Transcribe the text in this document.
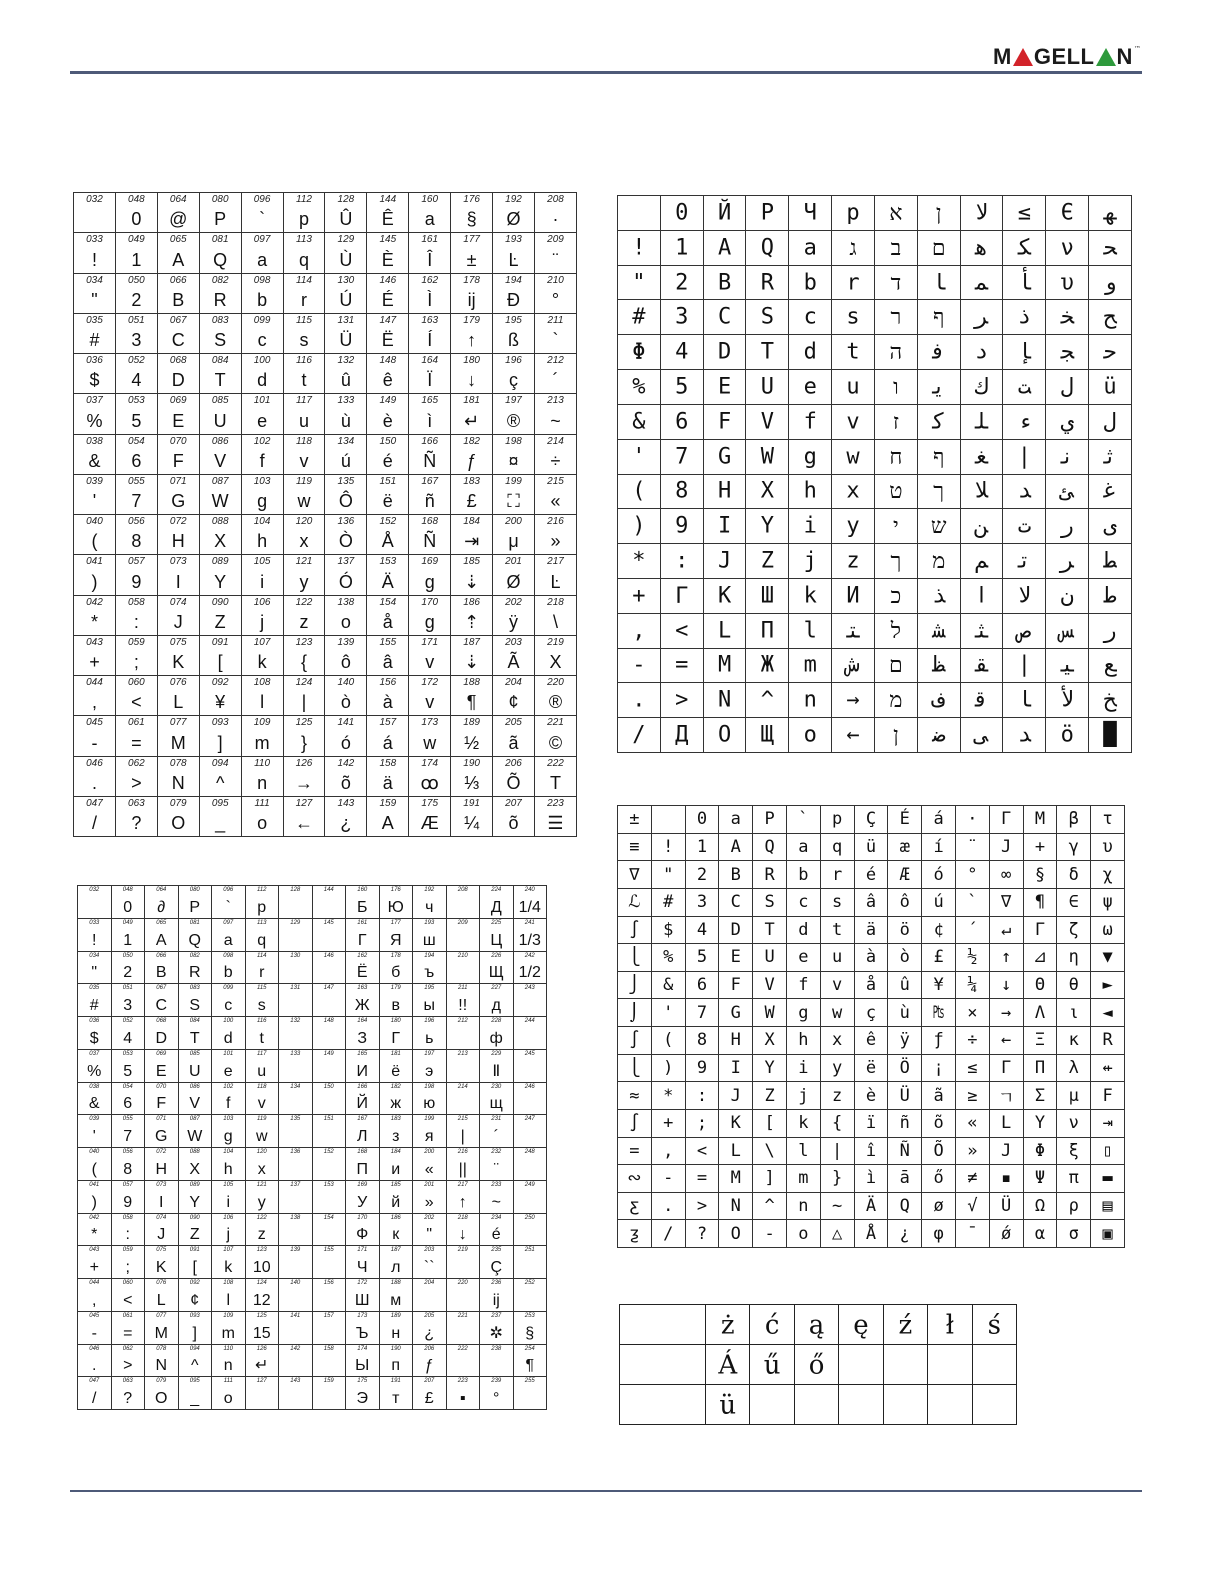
M GELL N ™
032	048
0	064
@	080
P	096
`	112
p	128
Û	144
Ê	160
a	176
§	192
Ø	208
·

033
!	049
1	065
A	081
Q	097
a	113
q	129
Ù	145
È	161
Î	177
±	193
Ŀ	209
¨

034
"	050
2	066
B	082
R	098
b	114
r	130
Ú	146
É	162
Ì	178
ĳ	194
Đ	210
°

035
#	051
3	067
C	083
S	099
c	115
s	131
Ü	147
Ë	163
Í	179
↑	195
ß	211
`

036
$	052
4	068
D	084
T	100
d	116
t	132
û	148
ê	164
Ï	180
↓	196
ç	212
´

037
%	053
5	069
E	085
U	101
e	117
u	133
ù	149
è	165
ì	181
↵	197
®	213
~

038
&	054
6	070
F	086
V	102
f	118
v	134
ú	150
é	166
Ñ	182
ƒ	198
¤	214
÷

039
'	055
7	071
G	087
W	103
g	119
w	135
Ô	151
ë	167
ñ	183
£	199
⛶	215
«

040
(	056
8	072
H	088
X	104
h	120
x	136
Ò	152
Å	168
Ñ	184
⇥	200
μ	216
»

041
)	057
9	073
I	089
Y	105
i	121
y	137
Ó	153
Ä	169
g	185
⇣	201
Ø	217
Ŀ

042
*	058
:	074
J	090
Z	106
j	122
z	138
o	154
å	170
g	186
⇡	202
ÿ	218
\

043
+	059
;	075
K	091
[	107
k	123
{	139
ô	155
â	171
v	187
⇣	203
Ã	219
X

044
,	060
<	076
L	092
¥	108
l	124
|	140
ò	156
à	172
v	188
¶	204
¢	220
®

045
-	061
=	077
M	093
]	109
m	125
}	141
ó	157
á	173
w	189
½	205
ã	221
©

046
.	062
>	078
N	094
^	110
n	126
→	142
õ	158
ä	174
ꝏ	190
⅓	206
Õ	222
T

047
/	063
?	079
O	095
_	111
o	127
←	143
¿	159
A	175
Æ	191
¼	207
õ	223
☰
032	048
0	064
∂	080
P	096
`	112
p	128	144	160
Б	176
Ю	192
ч	208	224
Д	240
1/4

033
!	049
1	065
A	081
Q	097
a	113
q	129	145	161
Г	177
Я	193
ш	209	225
Ц	241
1/3

034
"	050
2	066
B	082
R	098
b	114
r	130	146	162
Ë	178
б	194
ъ	210	226
Щ	242
1/2

035
#	051
3	067
C	083
S	099
c	115
s	131	147	163
Ж	179
в	195
ы	211
!!	227
д	243

036
$	052
4	068
D	084
T	100
d	116
t	132	148	164
З	180
Г	196
ь	212	228
ф	244

037
%	053
5	069
E	085
U	101
e	117
u	133	149	165
И	181
ë	197
э	213	229
Ⅱ	245

038
&	054
6	070
F	086
V	102
f	118
v	134	150	166
Й	182
ж	198
ю	214	230
щ	246

039
'	055
7	071
G	087
W	103
g	119
w	135	151	167
Л	183
з	199
я	215
|	231
´	247

040
(	056
8	072
H	088
X	104
h	120
x	136	152	168
П	184
и	200
«	216
||	232
¨	248

041
)	057
9	073
I	089
Y	105
i	121
y	137	153	169
У	185
й	201
»	217
↑	233
~	249

042
*	058
:	074
J	090
Z	106
j	122
z	138	154	170
Ф	186
к	202
"	218
↓	234
é	250

043
+	059
;	075
K	091
[	107
k	123
10	139	155	171
Ч	187
л	203
``	219	235
Ç	251

044
,	060
<	076
L	092
¢	108
l	124
12	140	156	172
Ш	188
м	204	220	236
ij	252

045
-	061
=	077
M	093
]	109
m	125
15	141	157	173
Ъ	189
н	205
¿	221	237
✲	253
§

046
.	062
>	078
N	094
^	110
n	126
↵	142	158	174
Ы	190
п	206
ƒ	222	238	254
¶

047
/	063
?	079
O	095
_	111
o	127	143	159	175
Э	191
т	207
£	223
▪	239
°	255

	0	Й	P	Ч	p	א	ן	ﻻ	≤	Є	ﻬ

!	1	A	Q	a	ג	ב	ם	ﻫ	ﻜ	ν	ﺤ

"	2	B	R	b	r	ד	ﺎ	ﻤ	ﺄ	υ	ﻭ

#	3	C	S	c	s	ר	ף	ﺮ	ﺫ	ﺨ	ﺢ

Φ	4	D	T	d	t	ה	ﻓ	ﺩ	ﺈ	ﺠ	ﺣ

%	5	E	U	e	u	ו	ﻳ	ﻙ	ﺖ	ل	ü

&	6	F	V	f	v	ז	ﻛ	ﻠ	ﺀ	ي	ﻝ

'	7	G	W	g	w	ח	ף	ﻐ	|	ﻧ	ﺛ

(	8	H	X	h	x	ט	ך	ﻼ	ﺪ	ﺊ	ﻏ

)	9	I	Y	i	y	י	ש	ﻦ	ﺕ	ﺭ	ﻯ

*	:	J	Z	j	z	ך	מ	ﻢ	ﺗ	ﺮ	ﻄ

+	Γ	K	Ш	k	И	כ	ﺬ	ﺍ	ﻻ	ن	ﻁ

,	<	L	П	l	ﺘ	ל	ﺸ	ﺜ	ﺹ	ﺲ	ﺭ

-	=	M	Ж	m	ﺵ	ם	ﻈ	ﻘ	|	ﻴ	ﻊ

.	>	N	^	n	→	מ	ﻑ	ﻗ	ﺎ	ﻷ	ﺦ

/	Д	O	Щ	o	←	ן	ﺿ	ﻰ	ﺪ	ö	█
±		0	a	P	`	p	Ç	É	á	·	Γ	M	β	τ

≡	!	1	A	Q	a	q	ü	æ	í	¨	J	+	γ	υ

∇	"	2	B	R	b	r	é	Æ	ó	°	∞	§	δ	χ

ℒ	#	3	C	S	c	s	â	ô	ú	`	∇	¶	∈	ψ

∫	$	4	D	T	d	t	ä	ö	¢	´	↵	Γ	ζ	ω

⎩	%	5	E	U	e	u	à	ò	£	½	↑	⊿	η	▼

⎭	&	6	F	V	f	v	å	û	¥	¼	↓	Θ	θ	►

⌡	'	7	G	W	g	w	ç	ù	₧	×	→	Λ	ι	◄

∫	(	8	H	X	h	x	ê	ÿ	ƒ	÷	←	Ξ	κ	R

⎩	)	9	I	Y	i	y	ë	Ö	¡	≤	Γ	Π	λ	⇷

≈	*	:	J	Z	j	z	è	Ü	ã	≥	ㄱ	Σ	μ	F

∫	+	;	K	[	k	{	ï	ñ	õ	«	L	Υ	ν	⇥

=	,	<	L	\	l	|	î	Ñ	Õ	»	J	Φ	ξ	▯

∾	-	=	M	]	m	}	ì	ā	ő	≠	▪	Ψ	π	▬

ƹ	.	>	N	^	n	~	Ä	Q	ø	√	Ü	Ω	ρ	▤

ƺ	/	?	O	-	o	△	Å	¿	φ	¯	ǿ	α	σ	▣

	ż	ć	ą	ę	ź	ł	ś

	Á	ű	ő				

	ü						
